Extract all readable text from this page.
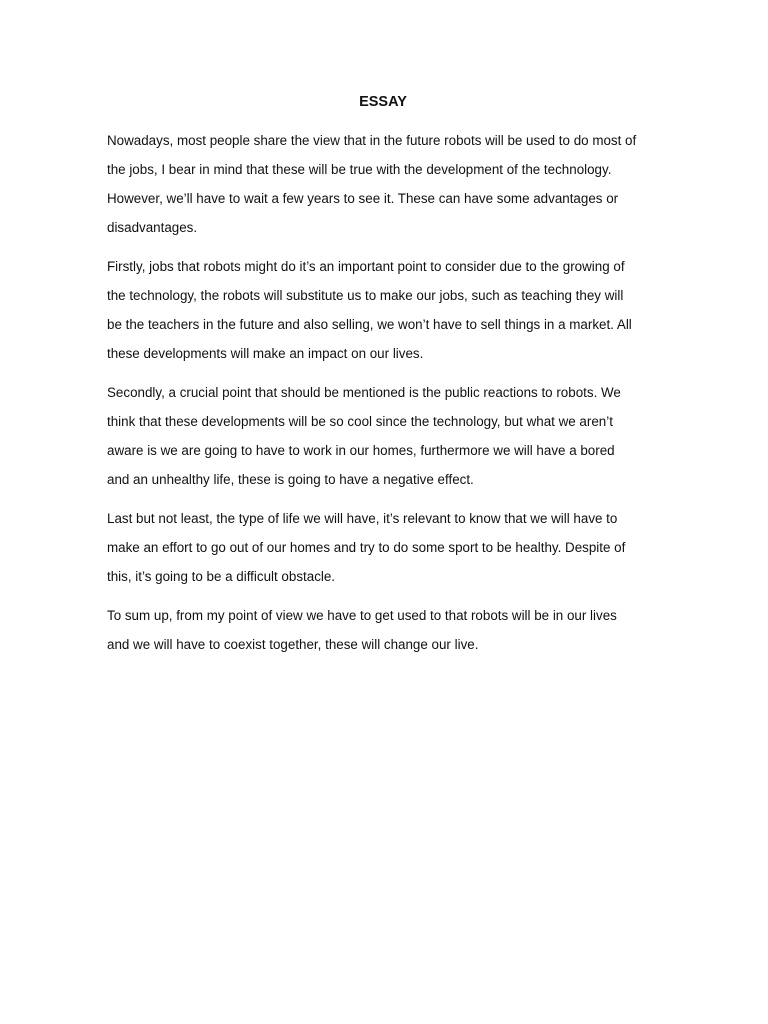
ESSAY
Nowadays, most people share the view that in the future robots will be used to do most of
the jobs, I bear in mind that these will be true with the development of the technology.
However, we’ll have to wait a few years to see it. These can have some advantages or
disadvantages.
Firstly, jobs that robots might do it’s an important point to consider due to the growing of
the technology, the robots will substitute us to make our jobs, such as teaching they will
be the teachers in the future and also selling, we won’t have to sell things in a market. All
these developments will make an impact on our lives.
Secondly, a crucial point that should be mentioned is the public reactions to robots. We
think that these developments will be so cool since the technology, but what we aren’t
aware is we are going to have to work in our homes, furthermore we will have a bored
and an unhealthy life, these is going to have a negative effect.
Last but not least, the type of life we will have, it’s relevant to know that we will have to
make an effort to go out of our homes and try to do some sport to be healthy. Despite of
this, it’s going to be a difficult obstacle.
To sum up, from my point of view we have to get used to that robots will be in our lives
and we will have to coexist together, these will change our live.
